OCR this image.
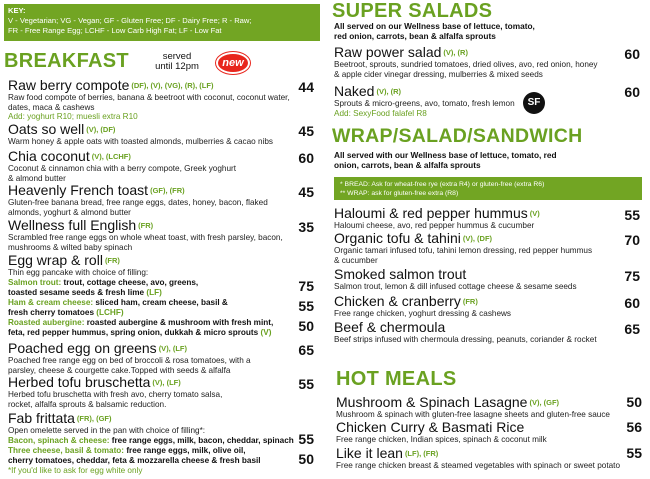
KEY:
V - Vegetarian; VG - Vegan; GF - Gluten Free; DF - Dairy Free; R - Raw;
FR - Free Range Egg; LCHF - Low Carb High Fat; LF - Low Fat
BREAKFAST	served
until 12pm	new
Raw berry compote (DF), (V), (VG), (R), (LF)
Raw food compote of berries, banana & beetroot with coconut, coconut water,
dates, maca & cashews
Add: yoghurt R10; muesli extra R10
44
Oats so well (V), (DF)
Warm honey & apple oats with toasted almonds, mulberries & cacao nibs
45
Chia coconut (V), (LCHF)
Coconut & cinnamon chia with a berry compote, Greek yoghurt
& almond butter
60
Heavenly French toast (GF), (FR)
Gluten-free banana bread, free range eggs, dates, honey, bacon, flaked
almonds, yoghurt & almond butter
45
Wellness full English (FR)
Scrambled free range eggs on whole wheat toast, with fresh parsley, bacon,
mushrooms & wilted baby spinach
35
Egg wrap & roll (FR)
Thin egg pancake with choice of filling:
Salmon trout: trout, cottage cheese, avo, greens,
toasted sesame seeds & fresh lime (LF)
Ham & cream cheese: sliced ham, cream cheese, basil &
fresh cherry tomatoes (LCHF)
Roasted aubergine: roasted aubergine & mushroom with fresh mint,
feta, red pepper hummus, spring onion, dukkah & micro sprouts (V)
75
55
50
Poached egg on greens (V), (LF)
Poached free range egg on bed of broccoli & rosa tomatoes, with a
parsley, cheese & courgette cake.Topped with seeds & alfalfa
65
Herbed tofu bruschetta (V), (LF)
Herbed tofu bruschetta with fresh avo, cherry tomato salsa,
rocket, alfalfa sprouts & balsamic reduction.
55
Fab frittata (FR), (GF)
Open omelette served in the pan with choice of filling*:
Bacon, spinach & cheese: free range eggs, milk, bacon, cheddar, spinach
Three cheese, basil & tomato: free range eggs, milk, olive oil,
cherry tomatoes, cheddar, feta & mozzarella cheese & fresh basil
*If you'd like to ask for egg white only
55
50
SUPER SALADS
All served on our Wellness base of lettuce, tomato,
red onion, carrots, bean & alfalfa sprouts
Raw power salad (V), (R)
Beetroot, sprouts, sundried tomatoes, dried olives, avo, red onion, honey
& apple cider vinegar dressing, mulberries & mixed seeds
60
Naked (V), (R)
Sprouts & micro-greens, avo, tomato, fresh lemon
Add: SexyFood falafel R8
SF
60
WRAP/SALAD/SANDWICH
All served with our Wellness base of lettuce, tomato, red
onion, carrots, bean & alfalfa sprouts
* BREAD: Ask for wheat-free rye (extra R4) or gluten-free (extra R6)
** WRAP: ask for gluten-free extra (R8)
Haloumi & red pepper hummus (V)
Haloumi cheese, avo, red pepper hummus & cucumber
55
Organic tofu & tahini (V), (DF)
Organic tamari infused tofu, tahini lemon dressing, red pepper hummus
& cucumber
70
Smoked salmon trout
Salmon trout, lemon & dill infused cottage cheese & sesame seeds
75
Chicken & cranberry (FR)
Free range chicken, yoghurt dressing & cashews
60
Beef & chermoula
Beef strips infused with chermoula dressing, peanuts, coriander & rocket
65
HOT MEALS
Mushroom & Spinach Lasagne (V), (GF)
Mushroom & spinach with gluten-free lasagne sheets and gluten-free sauce
50
Chicken Curry & Basmati Rice
Free range chicken, Indian spices, spinach & coconut milk
56
Like it lean (LF), (FR)
Free range chicken breast & steamed vegetables with spinach or sweet potato
55
